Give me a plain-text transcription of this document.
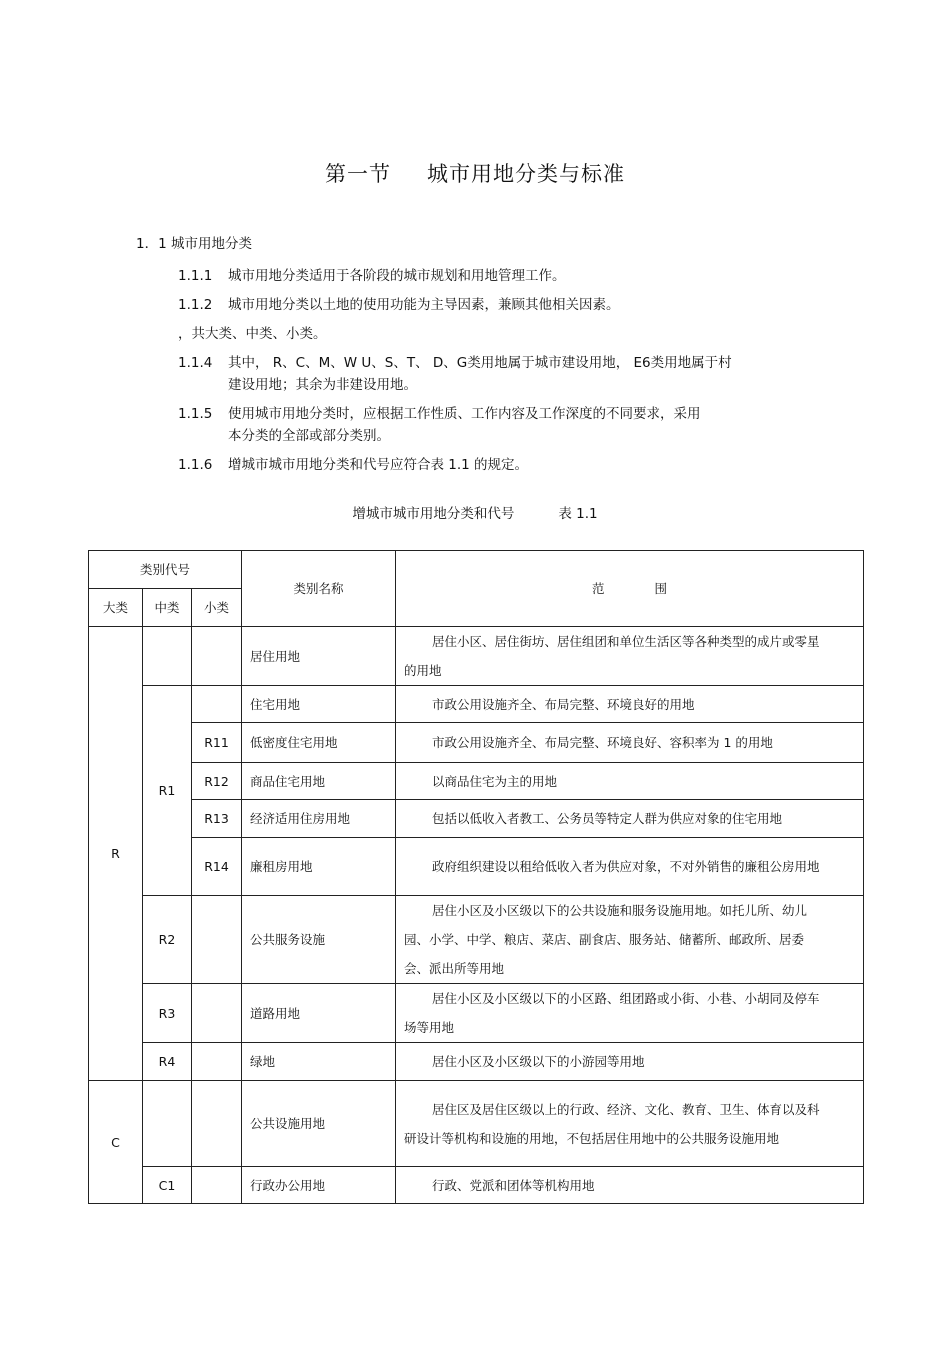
第一节 城市用地分类与标准
1．1 城市用地分类
1.1.1 城市用地分类适用于各阶段的城市规划和用地管理工作。
1.1.2 城市用地分类以土地的使用功能为主导因素，兼顾其他相关因素。
，共大类、中类、小类。
1.1.4 其中， R、C、M、W U、S、T、 D、G类用地属于城市建设用地， E6类用地属于村
建设用地；其余为非建设用地。
1.1.5 使用城市用地分类时，应根据工作性质、工作内容及工作深度的不同要求，采用
本分类的全部或部分类别。
1.1.6 增城市城市用地分类和代号应符合表 1.1 的规定。
增城市城市用地分类和代号	表 1.1
类别代号			类别名称	范　　　　围
大类	中类	小类		
R			居住用地	居住小区、居住街坊、居住组团和单位生活区等各种类型的成片或零星的用地
	R1		住宅用地	市政公用设施齐全、布局完整、环境良好的用地
		R11	低密度住宅用地	市政公用设施齐全、布局完整、环境良好、容积率为 1 的用地
		R12	商品住宅用地	以商品住宅为主的用地
		R13	经济适用住房用地	包括以低收入者教工、公务员等特定人群为供应对象的住宅用地
		R14	廉租房用地	政府组织建设以租给低收入者为供应对象，不对外销售的廉租公房用地
	R2		公共服务设施	居住小区及小区级以下的公共设施和服务设施用地。如托儿所、幼儿园、小学、中学、粮店、菜店、副食店、服务站、储蓄所、邮政所、居委会、派出所等用地
	R3		道路用地	居住小区及小区级以下的小区路、组团路或小街、小巷、小胡同及停车场等用地
	R4		绿地	居住小区及小区级以下的小游园等用地
C			公共设施用地	居住区及居住区级以上的行政、经济、文化、教育、卫生、体育以及科研设计等机构和设施的用地，不包括居住用地中的公共服务设施用地
	C1		行政办公用地	行政、党派和团体等机构用地
